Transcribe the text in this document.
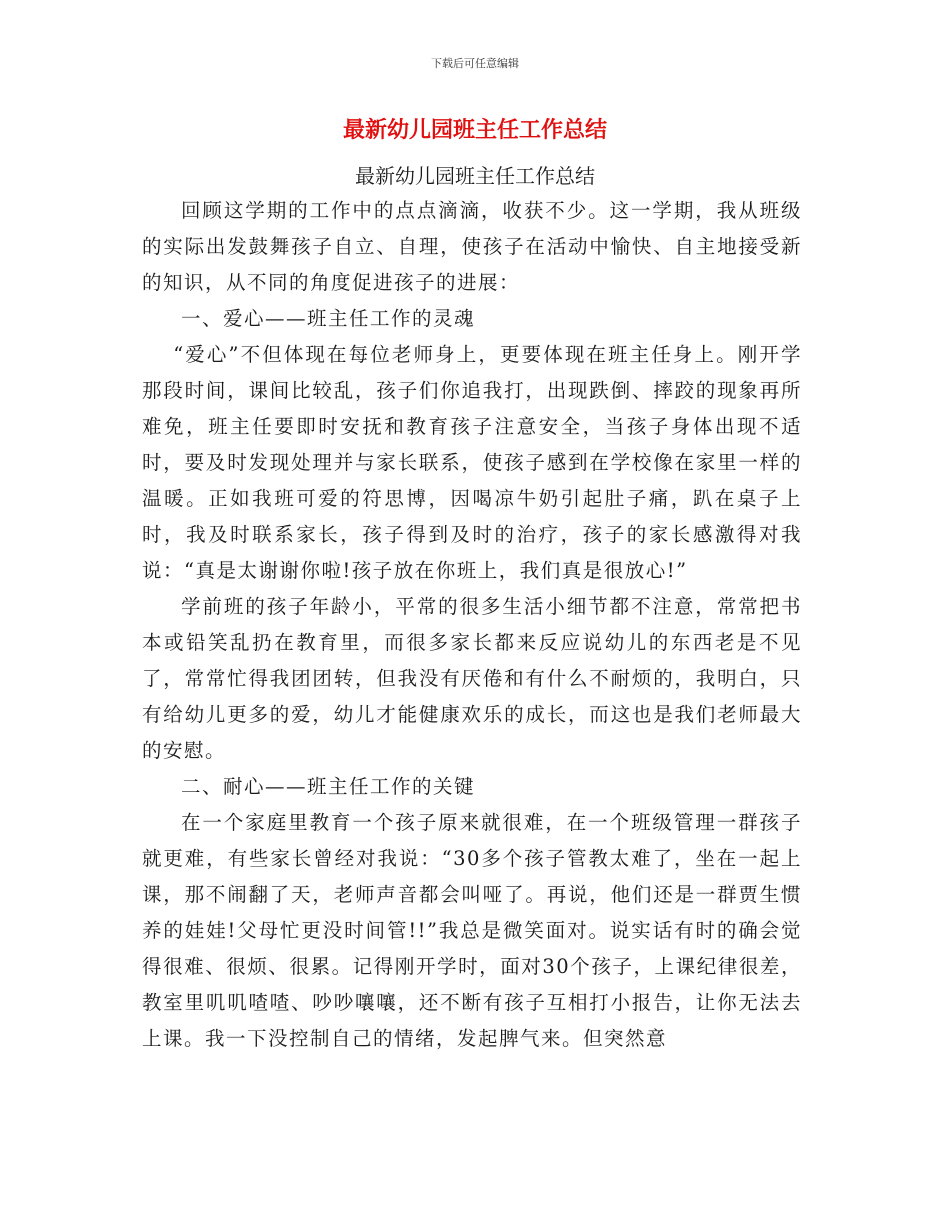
下载后可任意编辑
最新幼儿园班主任工作总结
最新幼儿园班主任工作总结

回顾这学期的工作中的点点滴滴，收获不少。这一学期，我从班级的实际出发鼓舞孩子自立、自理，使孩子在活动中愉快、自主地接受新的知识，从不同的角度促进孩子的进展：

一、爱心——班主任工作的灵魂

“爱心”不但体现在每位老师身上，更要体现在班主任身上。刚开学那段时间，课间比较乱，孩子们你追我打，出现跌倒、摔跤的现象再所难免，班主任要即时安抚和教育孩子注意安全，当孩子身体出现不适时，要及时发现处理并与家长联系，使孩子感到在学校像在家里一样的温暖。正如我班可爱的符思博，因喝凉牛奶引起肚子痛，趴在桌子上时，我及时联系家长，孩子得到及时的治疗，孩子的家长感激得对我说：“真是太谢谢你啦!孩子放在你班上，我们真是很放心!”

学前班的孩子年龄小，平常的很多生活小细节都不注意，常常把书本或铅笑乱扔在教育里，而很多家长都来反应说幼儿的东西老是不见了，常常忙得我团团转，但我没有厌倦和有什么不耐烦的，我明白，只有给幼儿更多的爱，幼儿才能健康欢乐的成长，而这也是我们老师最大的安慰。

二、耐心——班主任工作的关键

在一个家庭里教育一个孩子原来就很难，在一个班级管理一群孩子就更难，有些家长曾经对我说：“30多个孩子管教太难了，坐在一起上课，那不闹翻了天，老师声音都会叫哑了。再说，他们还是一群贾生惯养的娃娃!父母忙更没时间管!!”我总是微笑面对。说实话有时的确会觉得很难、很烦、很累。记得刚开学时，面对30个孩子，上课纪律很差，教室里叽叽喳喳、吵吵嚷嚷，还不断有孩子互相打小报告，让你无法去上课。我一下没控制自己的情绪，发起脾气来。但突然意
